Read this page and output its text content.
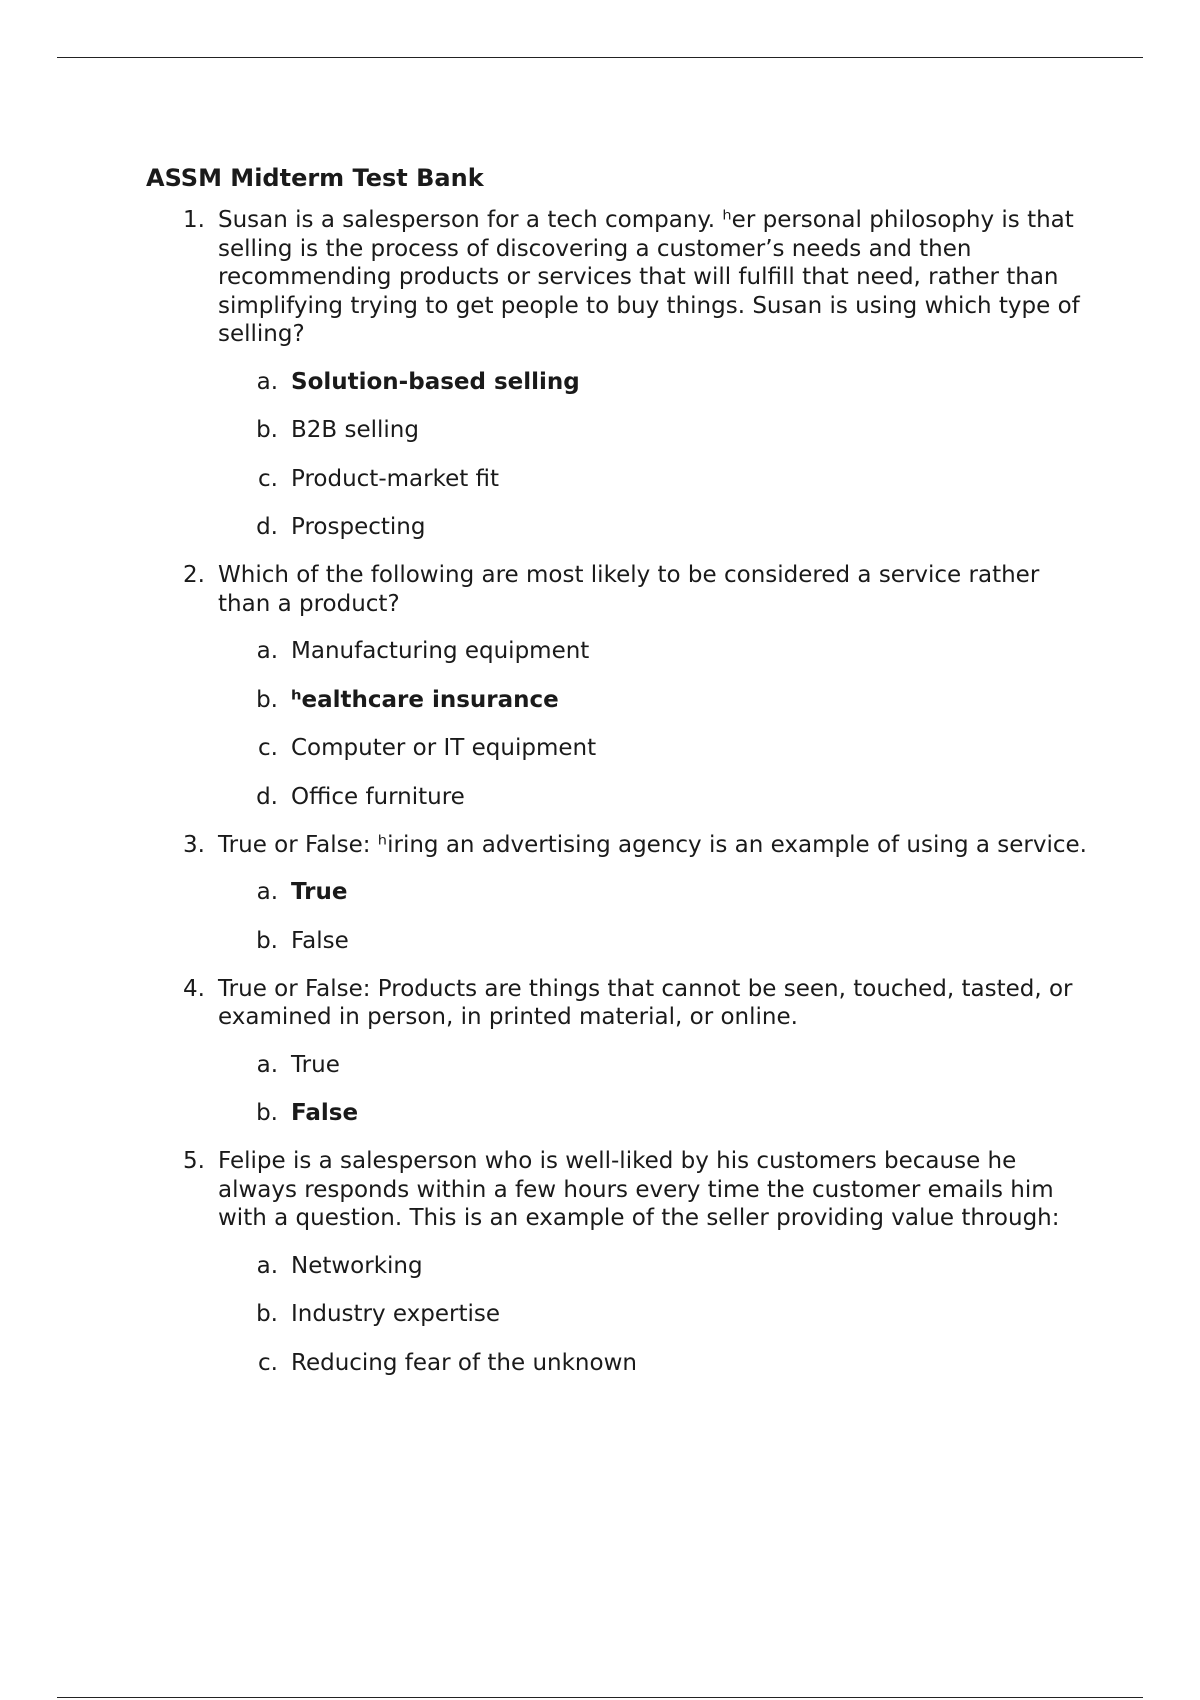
ASSM Midterm Test Bank
1. Susan is a salesperson for a tech company. ʰer personal philosophy is that selling is the process of discovering a customer’s needs and then recommending products or services that will fulfill that need, rather than simplifying trying to get people to buy things. Susan is using which type of selling?

a. Solution-based selling
b. B2B selling
c. Product-market fit
d. Prospecting
2. Which of the following are most likely to be considered a service rather than a product?

a. Manufacturing equipment
b. ʰealthcare insurance
c. Computer or IT equipment
d. Office furniture
3. True or False: ʰiring an advertising agency is an example of using a service.

a. True
b. False
4. True or False: Products are things that cannot be seen, touched, tasted, or examined in person, in printed material, or online.

a. True
b. False
5. Felipe is a salesperson who is well-liked by his customers because he always responds within a few hours every time the customer emails him with a question. This is an example of the seller providing value through:

a. Networking
b. Industry expertise
c. Reducing fear of the unknown
